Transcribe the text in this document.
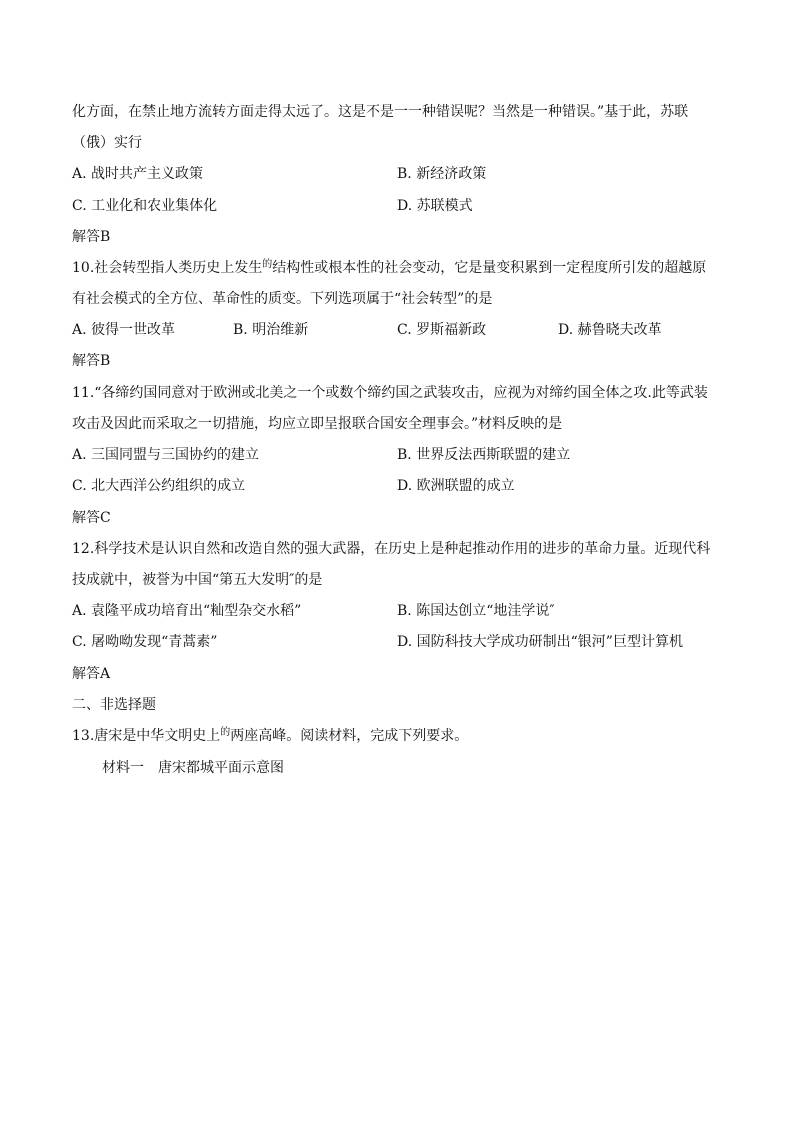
化方面，在禁止地方流转方面走得太远了。这是不是一一种错误呢？当然是一种错误。”基于此，苏联
（俄）实行
A. 战时共产主义政策	B. 新经济政策
C. 工业化和农业集体化	D. 苏联模式
解答B
10.社会转型指人类历史上发生$^的$结构性或根本性的社会变动，它是量变积累到一定程度所引发的超越原
有社会模式的全方位、革命性的质变。下列选项属于“社会转型”的是
A. 彼得一世改革	B. 明治维新	C. 罗斯福新政	D. 赫鲁晓夫改革
解答B
11.“各缔约国同意对于欧洲或北美之一个或数个缔约国之武装攻击，应视为对缔约国全体之攻.此等武装
攻击及因此而采取之一切措施，均应立即呈报联合国安全理事会。”材料反映的是
A. 三国同盟与三国协约的建立	B. 世界反法西斯联盟的建立
C. 北大西洋公约组织的成立	D. 欧洲联盟的成立
解答C
12.科学技术是认识自然和改造自然的强大武器，在历史上是种起推动作用的进步的革命力量。近现代科
技成就中，被誉为中国“第五大发明″的是
A. 袁隆平成功培育出“籼型杂交水稻”	B. 陈国达创立“地洼学说″
C. 屠呦呦发现“青蒿素”	D. 国防科技大学成功研制出“银河”巨型计算机
解答A
二、非选择题
13.唐宋是中华文明史上$^的$两座高峰。阅读材料，完成下列要求。
材料一　唐宋都城平面示意图
